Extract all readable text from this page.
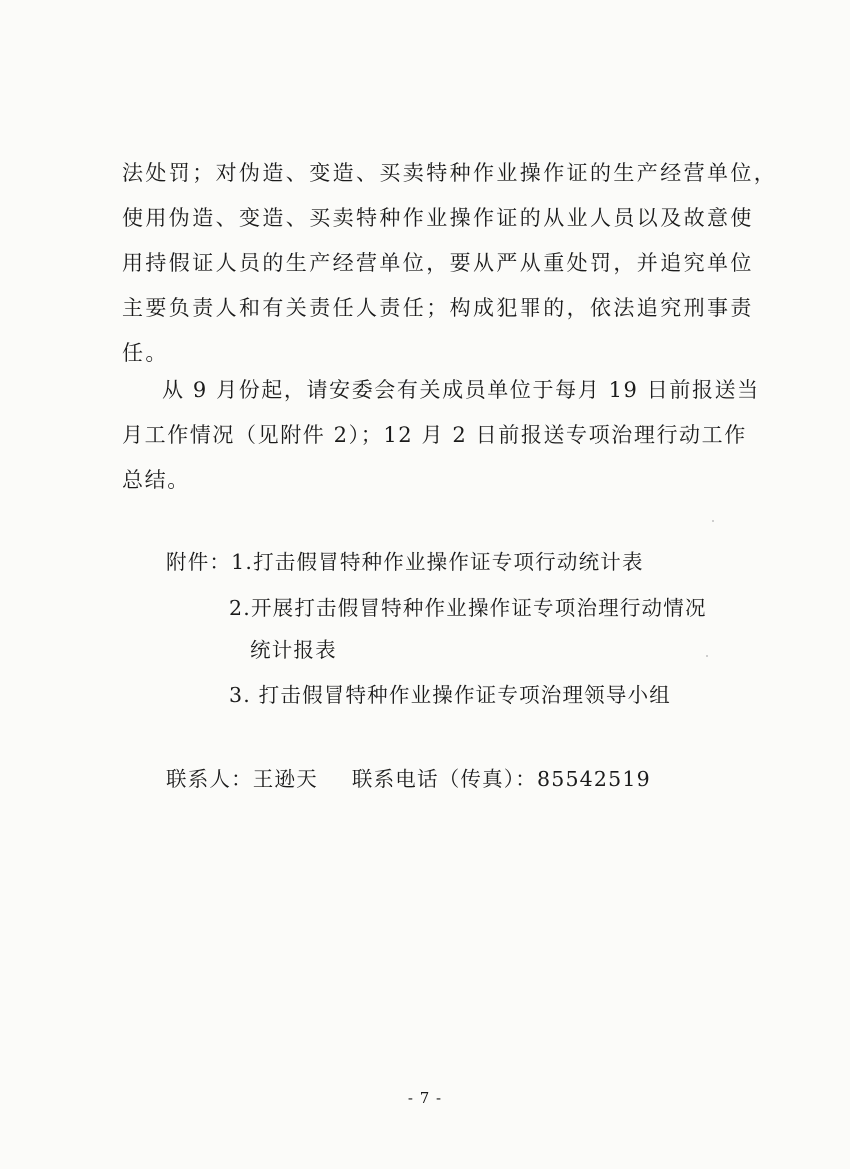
法处罚；对伪造、变造、买卖特种作业操作证的生产经营单位，
使用伪造、变造、买卖特种作业操作证的从业人员以及故意使
用持假证人员的生产经营单位，要从严从重处罚，并追究单位
主要负责人和有关责任人责任；构成犯罪的，依法追究刑事责
任。
从 9 月份起，请安委会有关成员单位于每月 19 日前报送当
月工作情况（见附件 2）；12 月 2 日前报送专项治理行动工作
总结。
附件：1.打击假冒特种作业操作证专项行动统计表
2.开展打击假冒特种作业操作证专项治理行动情况
统计报表
3. 打击假冒特种作业操作证专项治理领导小组
联系人：王逊天 联系电话（传真）：85542519
- 7 -
